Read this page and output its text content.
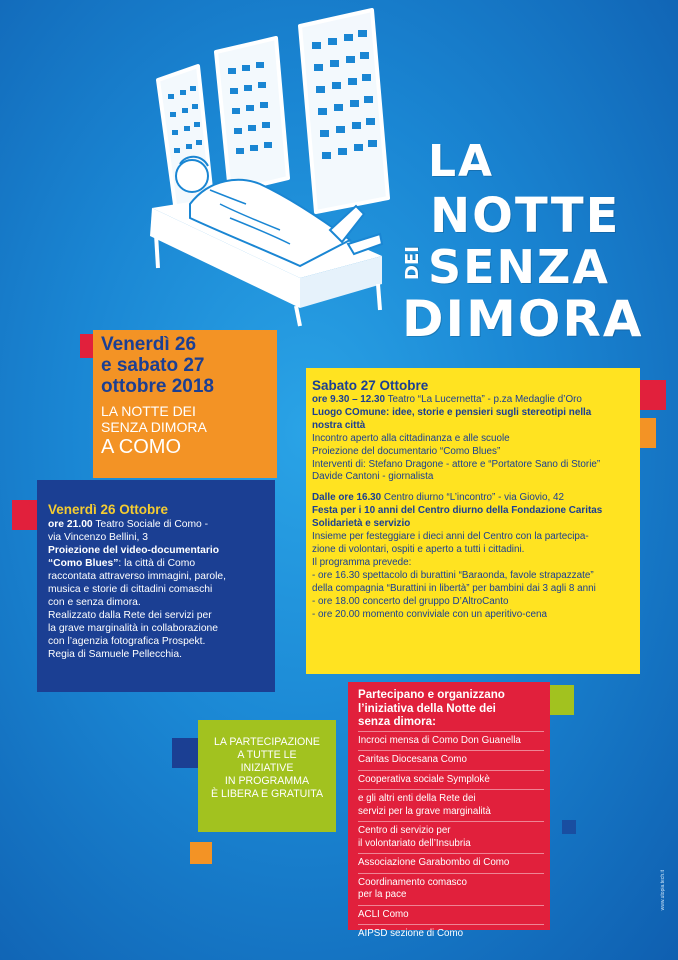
LA
NOTTE
DEI SENZA
DIMORA
Venerdì 26
e sabato 27
ottobre 2018
LA NOTTE DEI
SENZA DIMORA
A COMO
Venerdì 26 Ottobre
ore 21.00 Teatro Sociale di Como -
via Vincenzo Bellini, 3
Proiezione del video-documentario
“Como Blues”: la città di Como
raccontata attraverso immagini, parole,
musica e storie di cittadini comaschi
con e senza dimora.
Realizzato dalla Rete dei servizi per
la grave marginalità in collaborazione
con l’agenzia fotografica Prospekt.
Regia di Samuele Pellecchia.
Sabato 27 Ottobre
ore 9.30 – 12.30 Teatro “La Lucernetta” - p.za Medaglie d’Oro
Luogo COmune: idee, storie e pensieri sugli stereotipi nella
nostra città
Incontro aperto alla cittadinanza e alle scuole
Proiezione del documentario “Como Blues”
Interventi di: Stefano Dragone - attore e “Portatore Sano di Storie”
Davide Cantoni - giornalista
Dalle ore 16.30 Centro diurno “L’incontro” - via Giovio, 42
Festa per i 10 anni del Centro diurno della Fondazione Caritas
Solidarietà e servizio
Insieme per festeggiare i dieci anni del Centro con la partecipa-
zione di volontari, ospiti e aperto a tutti i cittadini.
Il programma prevede:
- ore 16.30 spettacolo di burattini “Baraonda, favole strapazzate”
della compagnia “Burattini in libertà” per bambini dai 3 agli 8 anni
- ore 18.00 concerto del gruppo D’AltroCanto
- ore 20.00 momento conviviale con un aperitivo-cena
LA PARTECIPAZIONE
A TUTTE LE
INIZIATIVE
IN PROGRAMMA
È LIBERA E GRATUITA
Partecipano e organizzano
l’iniziativa della Notte dei
senza dimora:
Incroci mensa di Como Don Guanella
Caritas Diocesana Como
Cooperativa sociale Symplokè
e gli altri enti della Rete dei
servizi per la grave marginalità
Centro di servizio per
il volontariato dell’Insubria
Associazione Garabombo di Como
Coordinamento comasco
per la pace
ACLI Como
AIPSD sezione di Como
www.utopia.tech.it
